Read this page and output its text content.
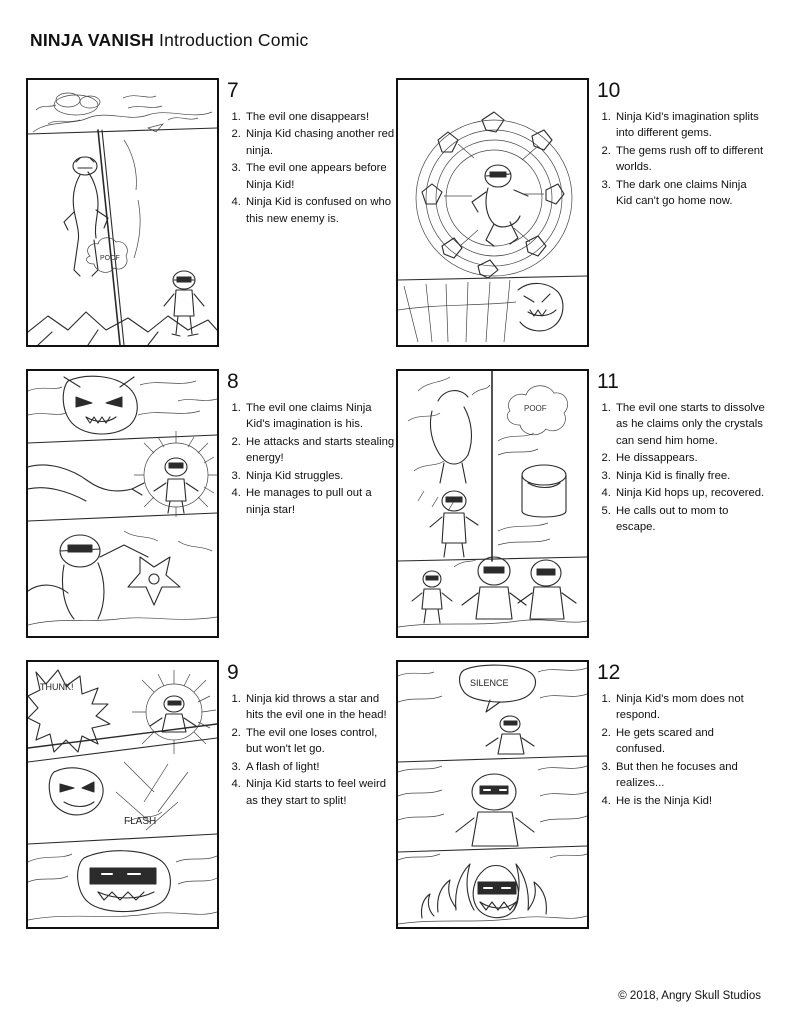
NINJA VANISH Introduction Comic
POOF
7
1. The evil one disappears!
2. Ninja Kid chasing another red ninja.
3. The evil one appears before Ninja Kid!
4. Ninja Kid is confused on who this new enemy is.
10
1. Ninja Kid's imagination splits into different gems.
2. The gems rush off to different worlds.
3. The dark one claims Ninja Kid can't go home now.
8
1. The evil one claims Ninja Kid's imagination is his.
2. He attacks and starts stealing energy!
3. Ninja Kid struggles.
4. He manages to pull out a ninja star!
POOF
11
1. The evil one starts to dissolve as he claims only the crystals can send him home.
2. He dissappears.
3. Ninja Kid is finally free.
4. Ninja Kid hops up, recovered.
5. He calls out to mom to escape.
THUNK!
FLASH
9
1. Ninja kid throws a star and hits the evil one in the head!
2. The evil one loses control, but won't let go.
3. A flash of light!
4. Ninja Kid starts to feel weird as they start to split!
SILENCE	12
1. Ninja Kid's mom does not respond.
2. He gets scared and confused.
3. But then he focuses and realizes...
4. He is the Ninja Kid!
© 2018, Angry Skull Studios
